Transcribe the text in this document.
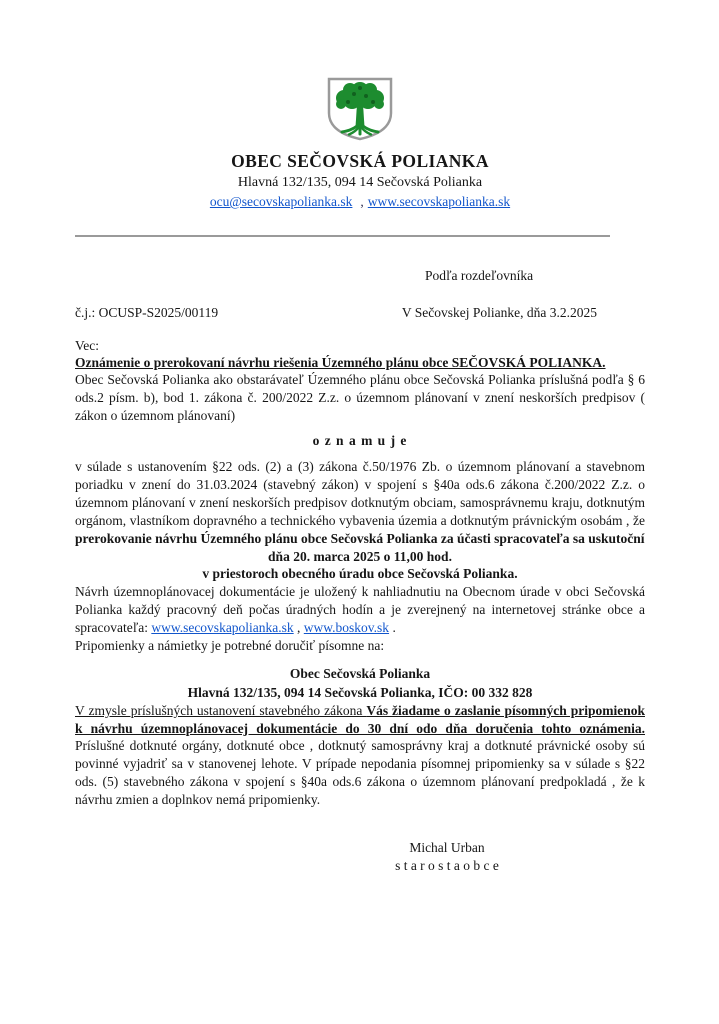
OBEC SEČOVSKÁ POLIANKA
Hlavná 132/135, 094 14 Sečovská Polianka
ocu@secovskapolianka.sk , www.secovskapolianka.sk
Podľa rozdeľovníka
č.j.: OCUSP-S2025/00119	V Sečovskej Polianke, dňa 3.2.2025
Vec:
Oznámenie o prerokovaní návrhu riešenia Územného plánu obce SEČOVSKÁ POLIANKA.

Obec Sečovská Polianka ako obstarávateľ Územného plánu obce Sečovská Polianka príslušná podľa § 6 ods.2 písm. b), bod 1. zákona č. 200/2022 Z.z. o územnom plánovaní v znení neskorších predpisov ( zákon o územnom plánovaní)

o z n a m u j e

v súlade s ustanovením §22 ods. (2) a (3) zákona č.50/1976 Zb. o územnom plánovaní a stavebnom poriadku v znení do 31.03.2024 (stavebný zákon) v spojení s §40a ods.6 zákona č.200/2022 Z.z. o územnom plánovaní v znení neskorších predpisov dotknutým obciam, samosprávnemu kraju, dotknutým orgánom, vlastníkom dopravného a technického vybavenia územia a dotknutým právnickým osobám , že prerokovanie návrhu Územného plánu obce Sečovská Polianka za účasti spracovateľa sa uskutoční

dňa 20. marca 2025 o 11,00 hod.
v priestoroch obecného úradu obce Sečovská Polianka.

Návrh územnoplánovacej dokumentácie je uložený k nahliadnutiu na Obecnom úrade v obci Sečovská Polianka každý pracovný deň počas úradných hodín a je zverejnený na internetovej stránke obce a spracovateľa: www.secovskapolianka.sk , www.boskov.sk .

Pripomienky a námietky je potrebné doručiť písomne na:

Obec Sečovská Polianka
Hlavná 132/135, 094 14 Sečovská Polianka, IČO: 00 332 828

V zmysle príslušných ustanovení stavebného zákona Vás žiadame o zaslanie písomných pripomienok k návrhu územnoplánovacej dokumentácie do 30 dní odo dňa doručenia tohto oznámenia. Príslušné dotknuté orgány, dotknuté obce , dotknutý samosprávny kraj a dotknuté právnické osoby sú povinné vyjadriť sa v stanovenej lehote. V prípade nepodania písomnej pripomienky sa v súlade s §22 ods. (5) stavebného zákona v spojení s §40a ods.6 zákona o územnom plánovaní predpokladá , že k návrhu zmien a doplnkov nemá pripomienky.

Michal Urban
s t a r o s t a o b c e
